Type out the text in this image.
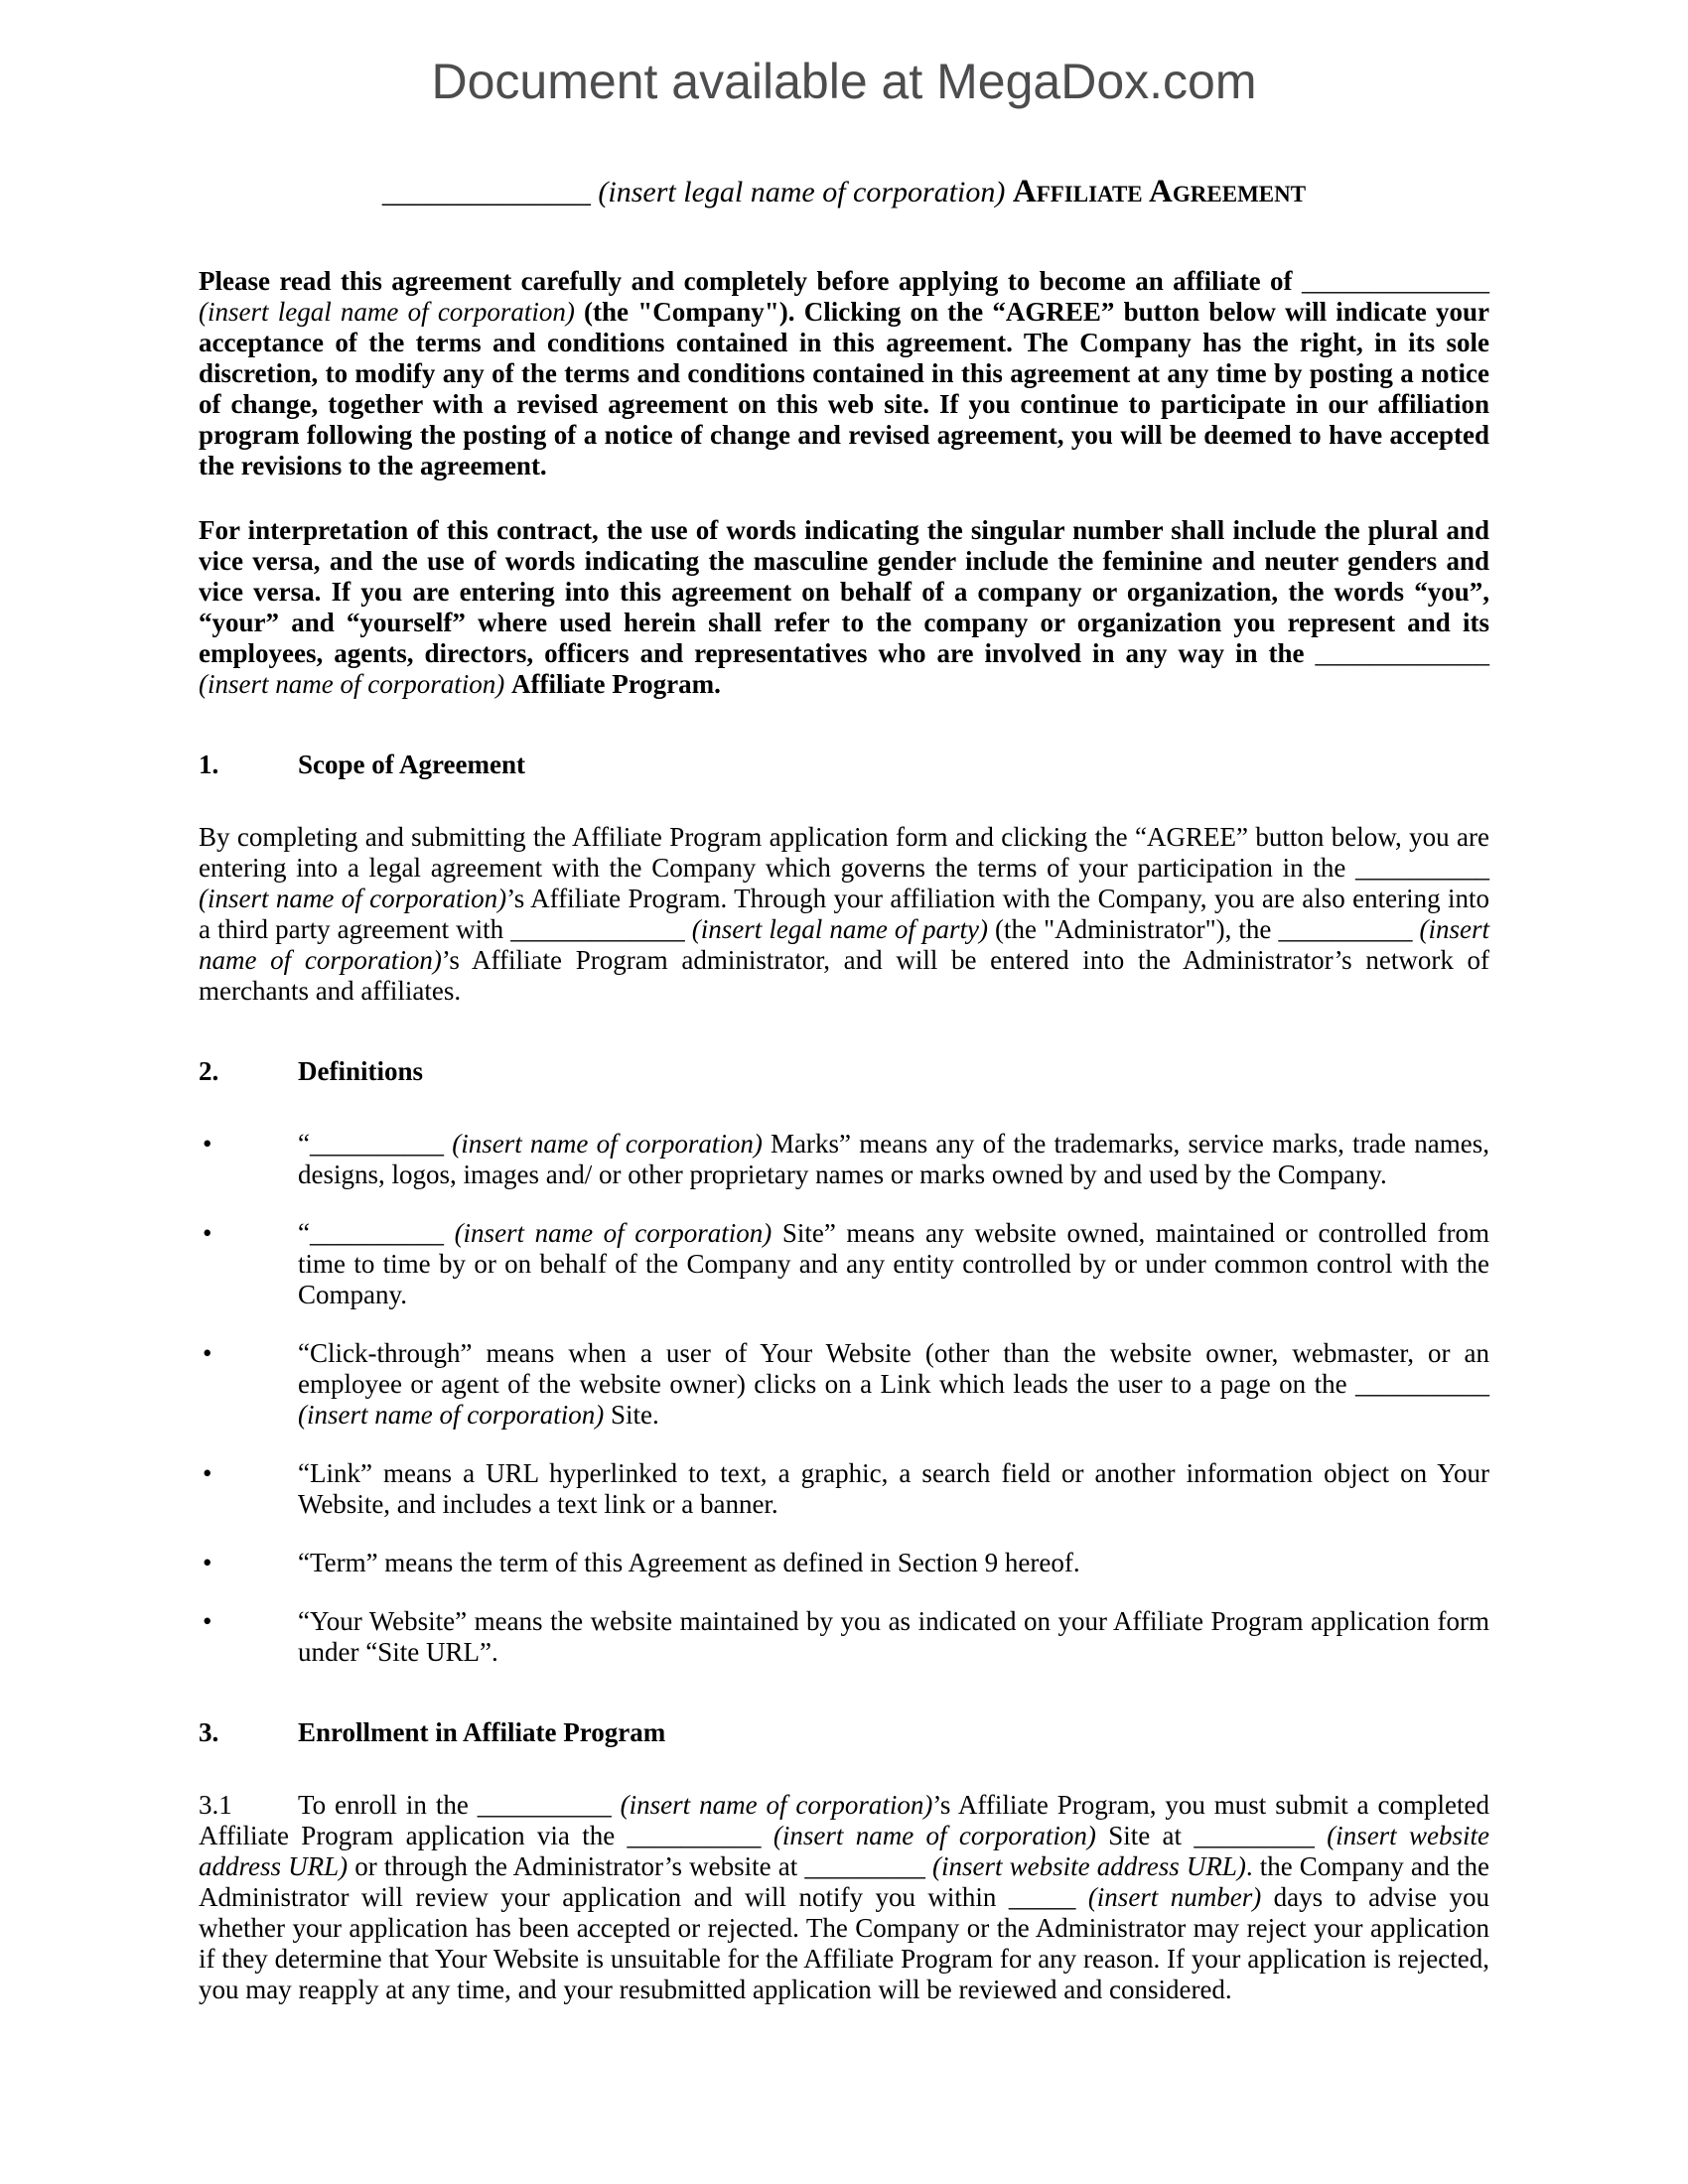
Document available at MegaDox.com
______________ (insert legal name of corporation) Affiliate Agreement
Please read this agreement carefully and completely before applying to become an affiliate of ______________ (insert legal name of corporation) (the "Company"). Clicking on the “AGREE” button below will indicate your acceptance of the terms and conditions contained in this agreement. The Company has the right, in its sole discretion, to modify any of the terms and conditions contained in this agreement at any time by posting a notice of change, together with a revised agreement on this web site. If you continue to participate in our affiliation program following the posting of a notice of change and revised agreement, you will be deemed to have accepted the revisions to the agreement.
For interpretation of this contract, the use of words indicating the singular number shall include the plural and vice versa, and the use of words indicating the masculine gender include the feminine and neuter genders and vice versa. If you are entering into this agreement on behalf of a company or organization, the words “you”, “your” and “yourself” where used herein shall refer to the company or organization you represent and its employees, agents, directors, officers and representatives who are involved in any way in the _____________ (insert name of corporation) Affiliate Program.
1.	Scope of Agreement
By completing and submitting the Affiliate Program application form and clicking the “AGREE” button below, you are entering into a legal agreement with the Company which governs the terms of your participation in the __________ (insert name of corporation)’s Affiliate Program. Through your affiliation with the Company, you are also entering into a third party agreement with _____________ (insert legal name of party) (the "Administrator"), the __________ (insert name of corporation)’s Affiliate Program administrator, and will be entered into the Administrator’s network of merchants and affiliates.
2.	Definitions
•	“__________ (insert name of corporation) Marks” means any of the trademarks, service marks, trade names, designs, logos, images and/ or other proprietary names or marks owned by and used by the Company.
•	“__________ (insert name of corporation) Site” means any website owned, maintained or controlled from time to time by or on behalf of the Company and any entity controlled by or under common control with the Company.
•	“Click-through” means when a user of Your Website (other than the website owner, webmaster, or an employee or agent of the website owner) clicks on a Link which leads the user to a page on the __________ (insert name of corporation) Site.
•	“Link” means a URL hyperlinked to text, a graphic, a search field or another information object on Your Website, and includes a text link or a banner.
•	“Term” means the term of this Agreement as defined in Section 9 hereof.
•	“Your Website” means the website maintained by you as indicated on your Affiliate Program application form under “Site URL”.
3.	Enrollment in Affiliate Program
3.1 To enroll in the __________ (insert name of corporation)’s Affiliate Program, you must submit a completed Affiliate Program application via the __________ (insert name of corporation) Site at _________ (insert website address URL) or through the Administrator’s website at _________ (insert website address URL). the Company and the Administrator will review your application and will notify you within _____ (insert number) days to advise you whether your application has been accepted or rejected. The Company or the Administrator may reject your application if they determine that Your Website is unsuitable for the Affiliate Program for any reason. If your application is rejected, you may reapply at any time, and your resubmitted application will be reviewed and considered.
